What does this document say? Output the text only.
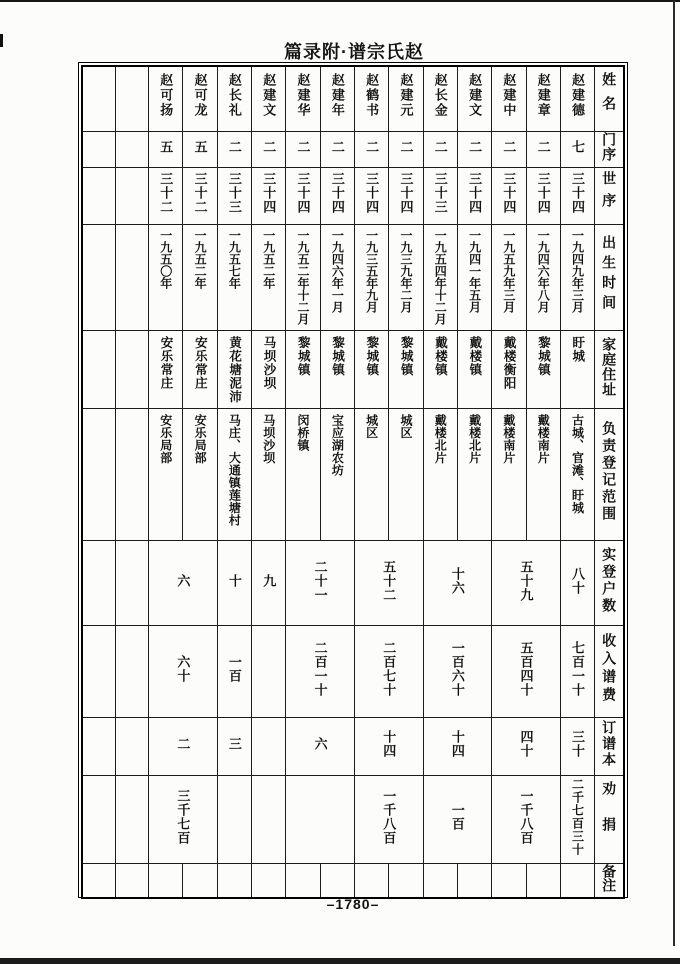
篇录附·谱宗氏赵
		赵可扬	赵可龙	赵长礼	赵建文	赵建华	赵建年	赵鹤书	赵建元	赵长金	赵建文	赵建中	赵建章	赵建德	姓名
		五	五	二	二	二	二	二	二	二	二	二	二	七	门序
		三十二	三十二	三十三	三十四	三十四	三十四	三十四	三十四	三十三	三十四	三十四	三十四	三十四	世序
		一九五〇年	一九五二年	一九五七年	一九五二年	一九五二年十二月	一九四六年一月	一九三五年九月	一九三九年二月	一九五四年十二月	一九四一年五月	一九五九年三月	一九四六年八月	一九四九年三月	出生时间
		安乐常庄	安乐常庄	黄花塘泥沛	马坝沙坝	黎城镇	黎城镇	黎城镇	黎城镇	戴楼镇	戴楼镇	戴楼衡阳	黎城镇	盱城	家庭住址
		安乐局部	安乐局部	马庄、大通镇莲塘村	马坝沙坝	闵桥镇	宝应湖农坊	城区	城区	戴楼北片	戴楼北片	戴楼南片	戴楼南片	古城、官滩、盱城	负责登记范围
		六		十	九	二十一		五十二		十六		五十九		八十	实登户数
		六十		一百		二百一十		二百七十		一百六十		五百四十		七百一十	收入谱费
		二		三		六		十四		十四		四十		三十	订谱本
		三千七百						一千八百		一百		一千八百		二千七百三十	劝捐
															备注
–1780–
